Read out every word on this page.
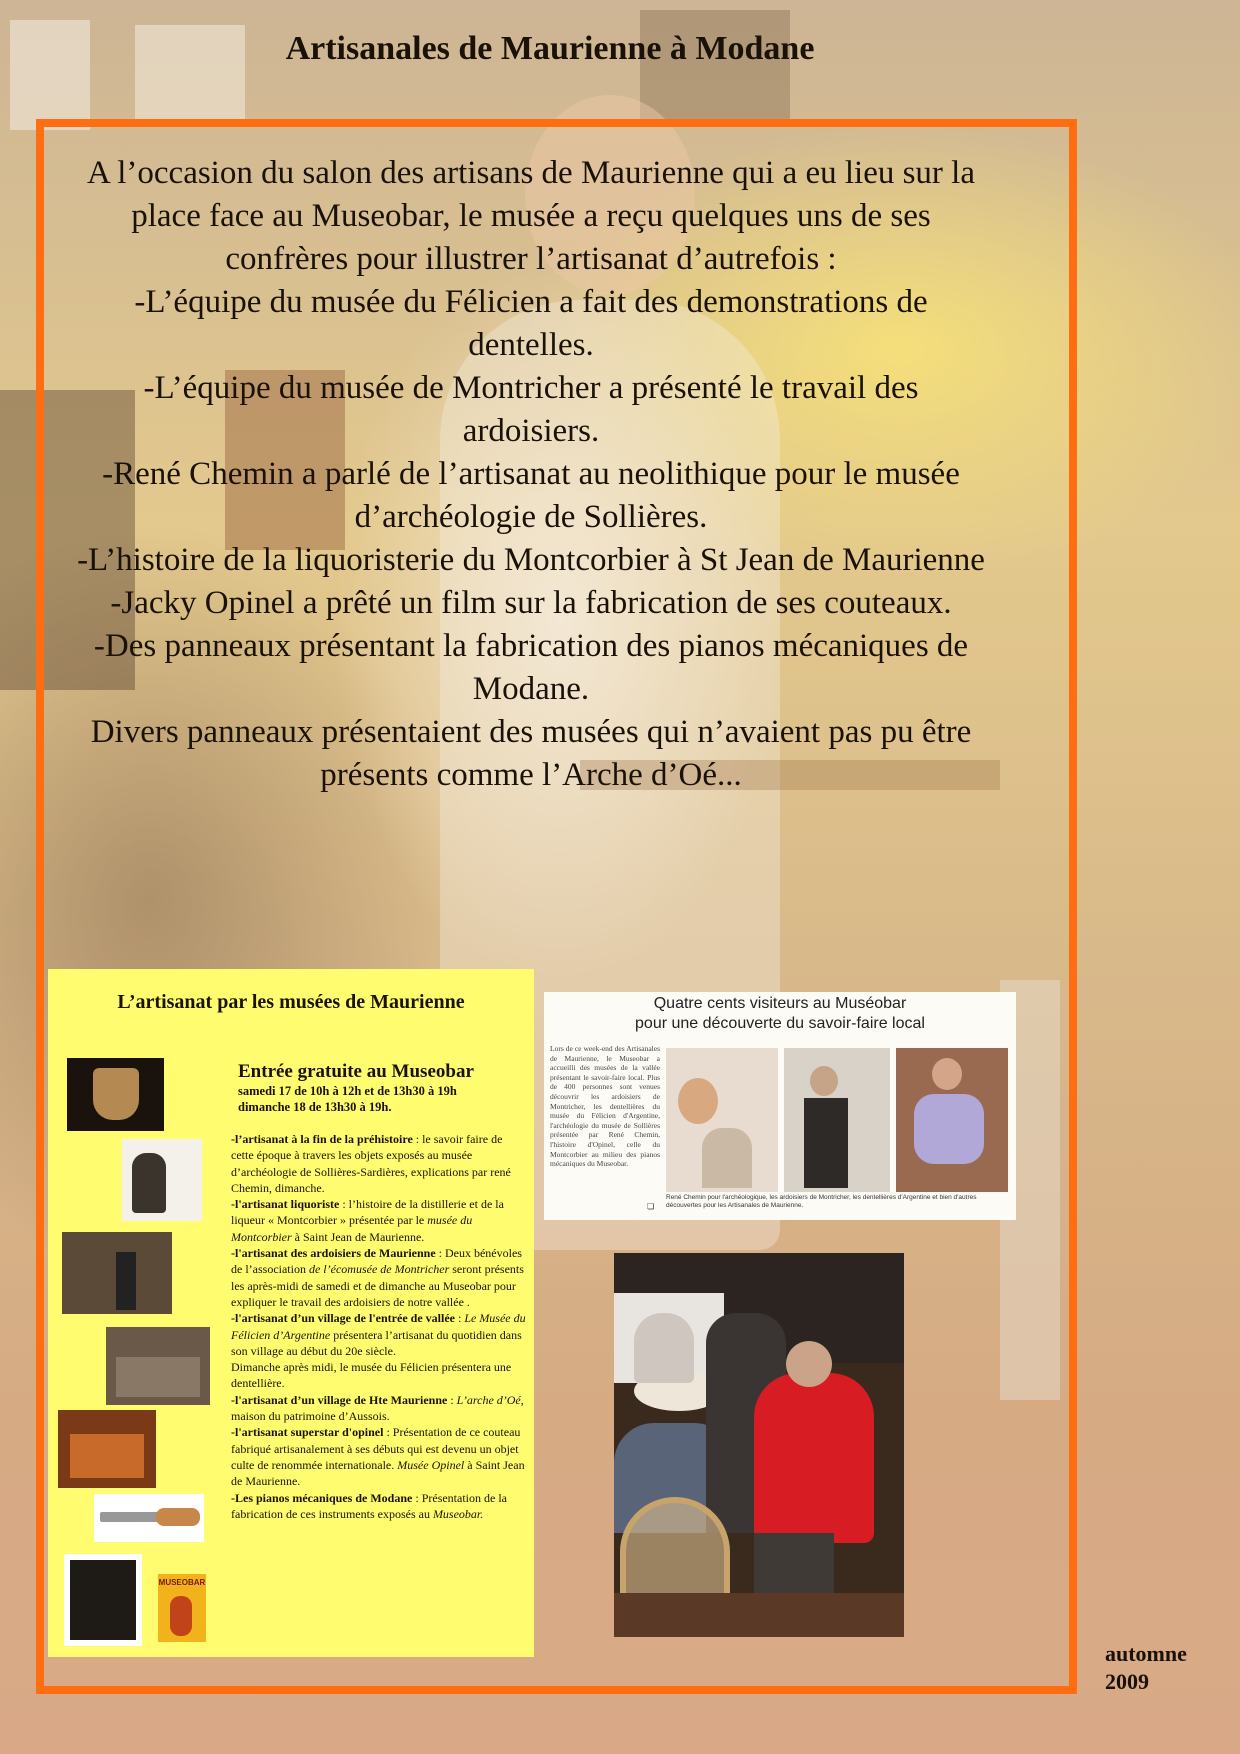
Artisanales de Maurienne à Modane

A l’occasion du salon des artisans de Maurienne qui a eu lieu sur la place face au Museobar, le musée a reçu quelques uns de ses confrères pour illustrer l’artisanat d’autrefois :

-L’équipe du musée du Félicien a fait des demonstrations de dentelles.

-L’équipe du musée de Montricher a présenté le travail des ardoisiers.

-René Chemin a parlé de l’artisanat au neolithique pour le musée d’archéologie de Sollières.

-L’histoire de la liquoristerie du Montcorbier à St Jean de Maurienne

-Jacky Opinel a prêté un film sur la fabrication de ses couteaux.

-Des panneaux présentant la fabrication des pianos mécaniques de Modane.

Divers panneaux présentaient des musées qui n’avaient pas pu être présents comme l’Arche d’Oé...

L’artisanat par les musées de Maurienne
MUSEOBAR
Entrée gratuite au Museobar
samedi 17 de 10h à 12h et de 13h30 à 19h
dimanche 18 de 13h30 à 19h.

-l’artisanat à la fin de la préhistoire : le savoir faire de cette époque à travers les objets exposés au musée d’archéologie de Sollières-Sardières, explications par rené Chemin, dimanche.

-l'artisanat liquoriste : l’histoire de la distillerie et de la liqueur « Montcorbier » présentée par le musée du Montcorbier à Saint Jean de Maurienne.

-l'artisanat des ardoisiers de Maurienne : Deux bénévoles de l’association de l’écomusée de Montricher seront présents les après-midi de samedi et de dimanche au Museobar pour expliquer le travail des ardoisiers de notre vallée .

-l'artisanat d’un village de l'entrée de vallée : Le Musée du Félicien d’Argentine présentera l’artisanat du quotidien dans son village au début du 20e siècle.

Dimanche après midi, le musée du Félicien présentera une dentellière.

-l'artisanat d’un village de Hte Maurienne : L’arche d’Oé, maison du patrimoine d’Aussois.

-l'artisanat superstar d'opinel : Présentation de ce couteau fabriqué artisanalement à ses débuts qui est devenu un objet culte de renommée internationale. Musée Opinel à Saint Jean de Maurienne.

-Les pianos mécaniques de Modane : Présentation de la fabrication de ces instruments exposés au Museobar.

Quatre cents visiteurs au Muséobar
pour une découverte du savoir-faire local
Lors de ce week-end des Artisanales de Maurienne, le Museobar a accueilli des musées de la vallée présentant le savoir-faire local. Plus de 400 personnes sont venues découvrir les ardoisiers de Montricher, les dentellières du musée du Félicien d'Argentine, l'archéologie du musée de Sollières présentée par René Chemin, l'histoire d'Opinel, celle du Montcorbier au milieu des pianos mécaniques du Museobar.
René Chemin pour l'archéologique, les ardoisiers de Montricher, les dentellières d'Argentine et bien d'autres découvertes pour les Artisanales de Maurienne.
❏
automne
2009
